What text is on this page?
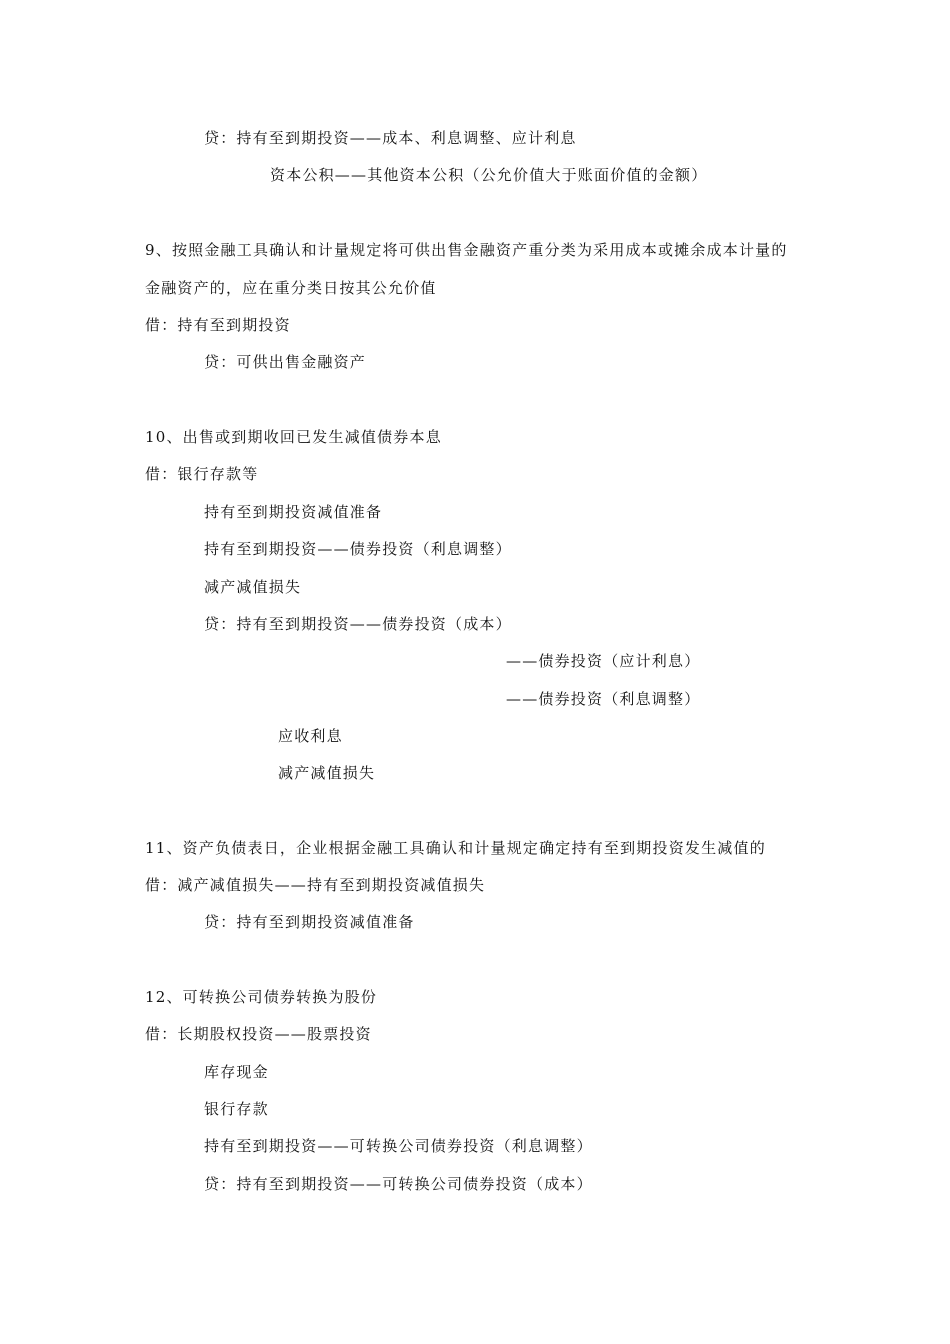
贷：持有至到期投资——成本、利息调整、应计利息
资本公积——其他资本公积（公允价值大于账面价值的金额）
9、按照金融工具确认和计量规定将可供出售金融资产重分类为采用成本或摊余成本计量的
金融资产的，应在重分类日按其公允价值
借：持有至到期投资
贷：可供出售金融资产
10、出售或到期收回已发生减值债券本息
借：银行存款等
持有至到期投资减值准备
持有至到期投资——债券投资（利息调整）
减产减值损失
贷：持有至到期投资——债券投资（成本）
——债券投资（应计利息）
——债券投资（利息调整）
应收利息
减产减值损失
11、资产负债表日，企业根据金融工具确认和计量规定确定持有至到期投资发生减值的
借：减产减值损失——持有至到期投资减值损失
贷：持有至到期投资减值准备
12、可转换公司债券转换为股份
借：长期股权投资——股票投资
库存现金
银行存款
持有至到期投资——可转换公司债券投资（利息调整）
贷：持有至到期投资——可转换公司债券投资（成本）
